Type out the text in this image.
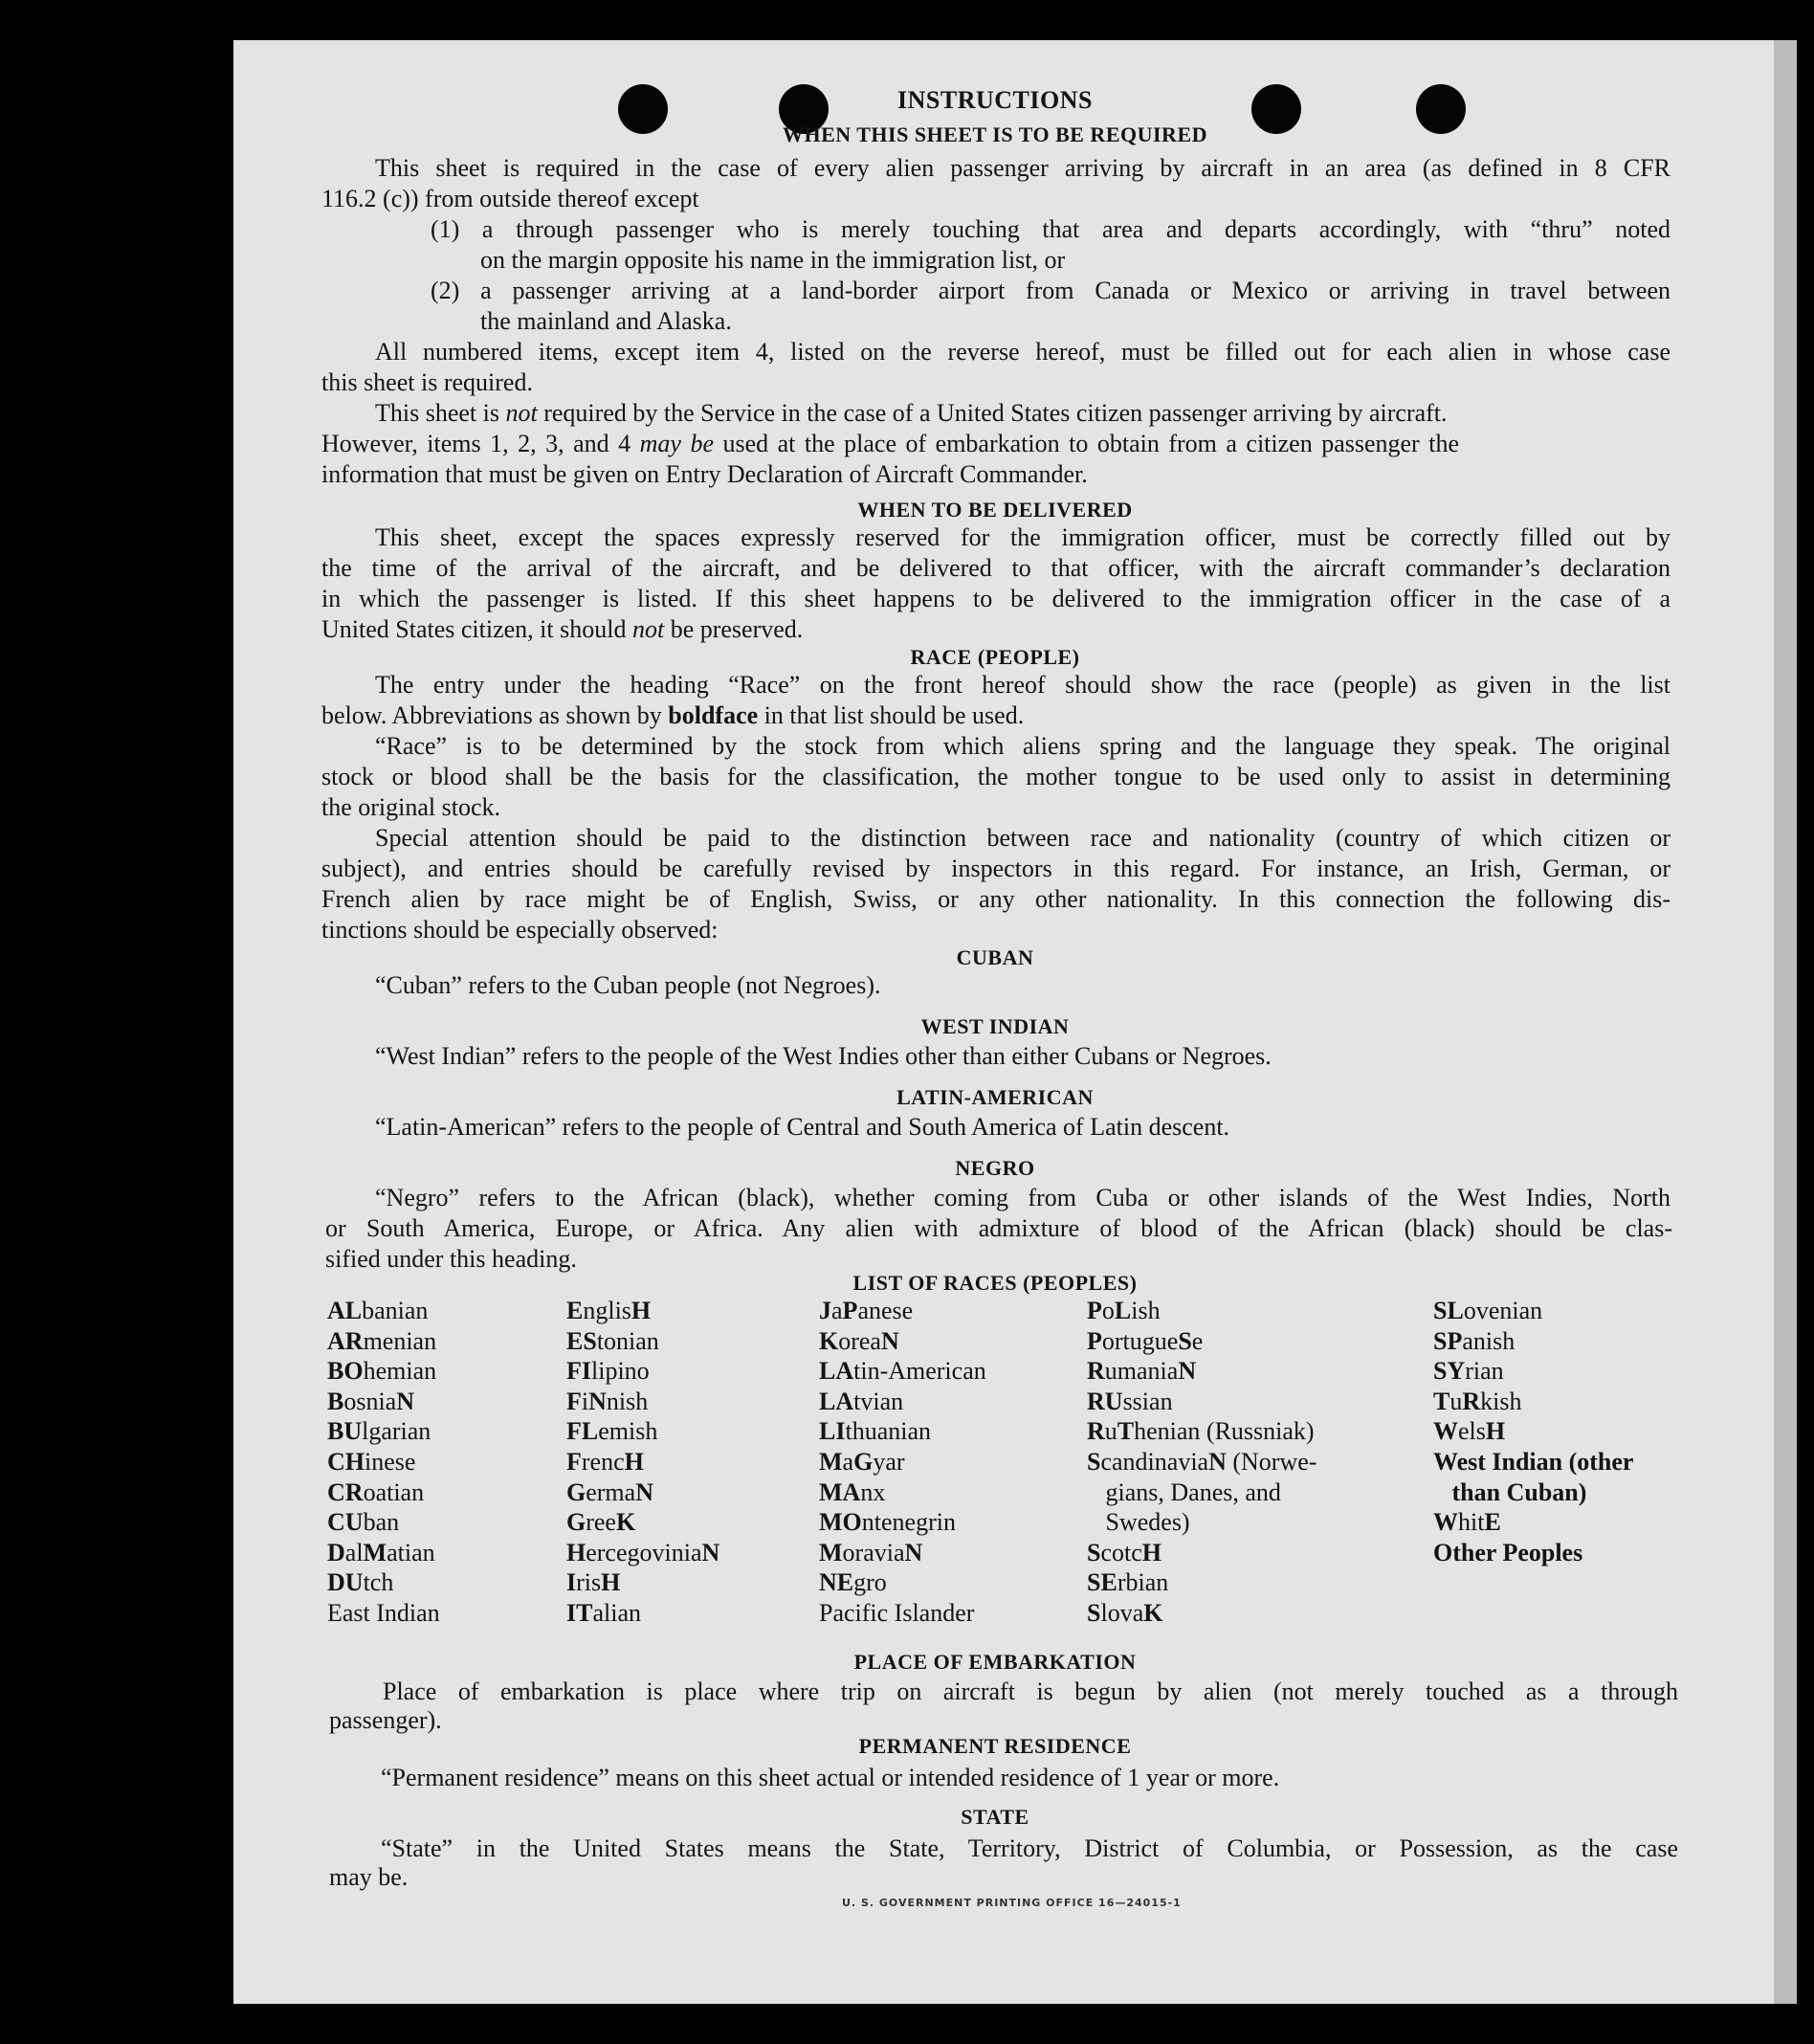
INSTRUCTIONS
WHEN THIS SHEET IS TO BE REQUIRED
This sheet is required in the case of every alien passenger arriving by aircraft in an area (as defined in 8 CFR
116.2 (c)) from outside thereof except
(1) a through passenger who is merely touching that area and departs accordingly, with “thru” noted
on the margin opposite his name in the immigration list, or
(2) a passenger arriving at a land-border airport from Canada or Mexico or arriving in travel between
the mainland and Alaska.
All numbered items, except item 4, listed on the reverse hereof, must be filled out for each alien in whose case
this sheet is required.
This sheet is not required by the Service in the case of a United States citizen passenger arriving by aircraft.
However, items 1, 2, 3, and 4 may be used at the place of embarkation to obtain from a citizen passenger the
information that must be given on Entry Declaration of Aircraft Commander.
WHEN TO BE DELIVERED
This sheet, except the spaces expressly reserved for the immigration officer, must be correctly filled out by
the time of the arrival of the aircraft, and be delivered to that officer, with the aircraft commander’s declaration
in which the passenger is listed. If this sheet happens to be delivered to the immigration officer in the case of a
United States citizen, it should not be preserved.
RACE (PEOPLE)
The entry under the heading “Race” on the front hereof should show the race (people) as given in the list
below. Abbreviations as shown by boldface in that list should be used.
“Race” is to be determined by the stock from which aliens spring and the language they speak. The original
stock or blood shall be the basis for the classification, the mother tongue to be used only to assist in determining
the original stock.
Special attention should be paid to the distinction between race and nationality (country of which citizen or
subject), and entries should be carefully revised by inspectors in this regard. For instance, an Irish, German, or
French alien by race might be of English, Swiss, or any other nationality. In this connection the following dis-
tinctions should be especially observed:
CUBAN
“Cuban” refers to the Cuban people (not Negroes).
WEST INDIAN
“West Indian” refers to the people of the West Indies other than either Cubans or Negroes.
LATIN-AMERICAN
“Latin-American” refers to the people of Central and South America of Latin descent.
NEGRO
“Negro” refers to the African (black), whether coming from Cuba or other islands of the West Indies, North
or South America, Europe, or Africa. Any alien with admixture of blood of the African (black) should be clas-
sified under this heading.
LIST OF RACES (PEOPLES)
ALbanian
ARmenian
BOhemian
BosniaN
BUlgarian
CHinese
CRoatian
CUban
DalMatian
DUtch
East Indian
EnglisH
EStonian
FIlipino
FiNnish
FLemish
FrencH
GermaN
GreeK
HercegoviniaN
IrisH
ITalian
JaPanese
KoreaN
LAtin-American
LAtvian
LIthuanian
MaGyar
MAnx
MOntenegrin
MoraviaN
NEgro
Pacific Islander
PoLish
PortugueSe
RumaniaN
RUssian
RuThenian (Russniak)
ScandinaviaN (Norwe-
gians, Danes, and
Swedes)
ScotcH
SErbian
SlovaK
SLovenian
SPanish
SYrian
TuRkish
WelsH
West Indian (other
than Cuban)
WhitE
Other Peoples
PLACE OF EMBARKATION
Place of embarkation is place where trip on aircraft is begun by alien (not merely touched as a through
passenger).
PERMANENT RESIDENCE
“Permanent residence” means on this sheet actual or intended residence of 1 year or more.
STATE
“State” in the United States means the State, Territory, District of Columbia, or Possession, as the case
may be.
U. S. GOVERNMENT PRINTING OFFICE 16—24015-1
